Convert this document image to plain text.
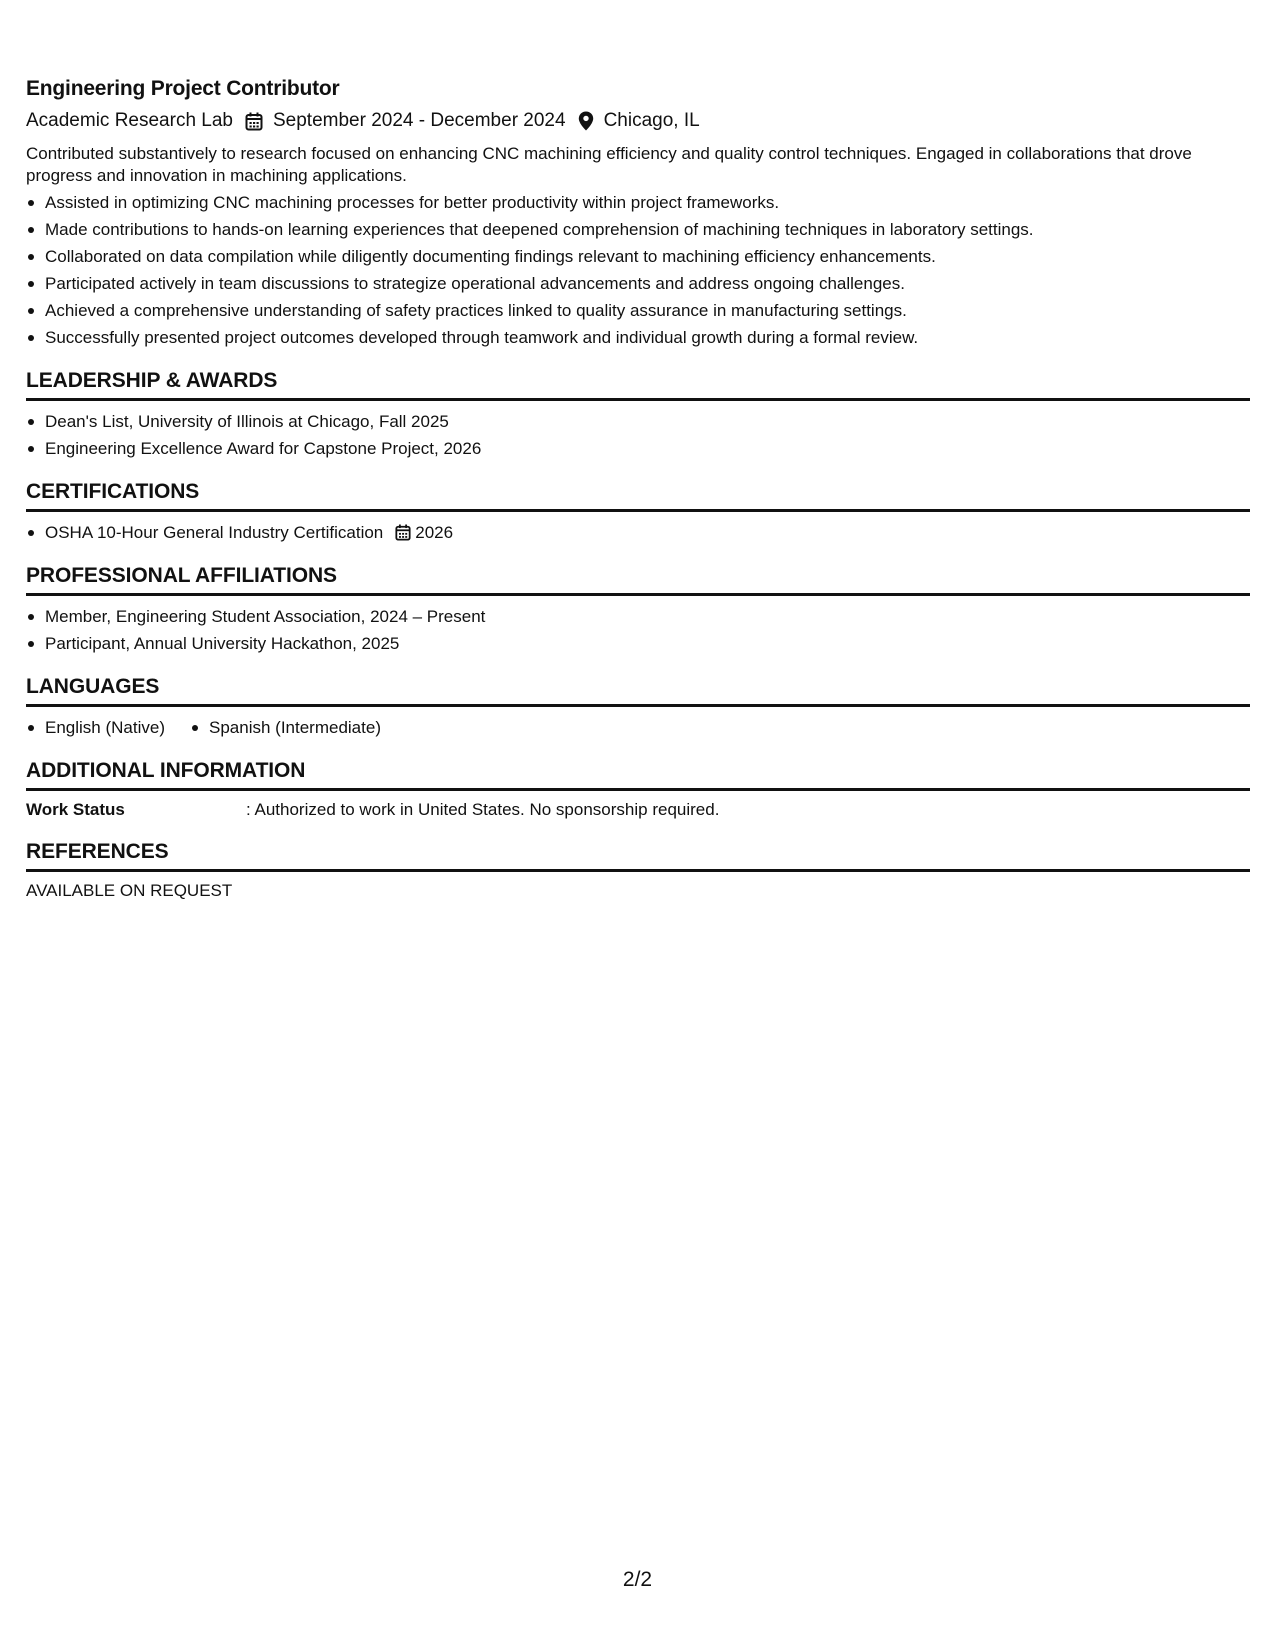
Engineering Project Contributor
Academic Research Lab September 2024 - December 2024 Chicago, IL

Contributed substantively to research focused on enhancing CNC machining efficiency and quality control techniques. Engaged in collaborations that drove progress and innovation in machining applications.

Assisted in optimizing CNC machining processes for better productivity within project frameworks.
Made contributions to hands-on learning experiences that deepened comprehension of machining techniques in laboratory settings.
Collaborated on data compilation while diligently documenting findings relevant to machining efficiency enhancements.
Participated actively in team discussions to strategize operational advancements and address ongoing challenges.
Achieved a comprehensive understanding of safety practices linked to quality assurance in manufacturing settings.
Successfully presented project outcomes developed through teamwork and individual growth during a formal review.
LEADERSHIP & AWARDS
Dean's List, University of Illinois at Chicago, Fall 2025
Engineering Excellence Award for Capstone Project, 2026
CERTIFICATIONS
OSHA 10-Hour General Industry Certification 2026
PROFESSIONAL AFFILIATIONS
Member, Engineering Student Association, 2024 – Present
Participant, Annual University Hackathon, 2025
LANGUAGES
English (Native)	Spanish (Intermediate)
ADDITIONAL INFORMATION
Work Status	: Authorized to work in United States. No sponsorship required.
REFERENCES
AVAILABLE ON REQUEST
2/2
